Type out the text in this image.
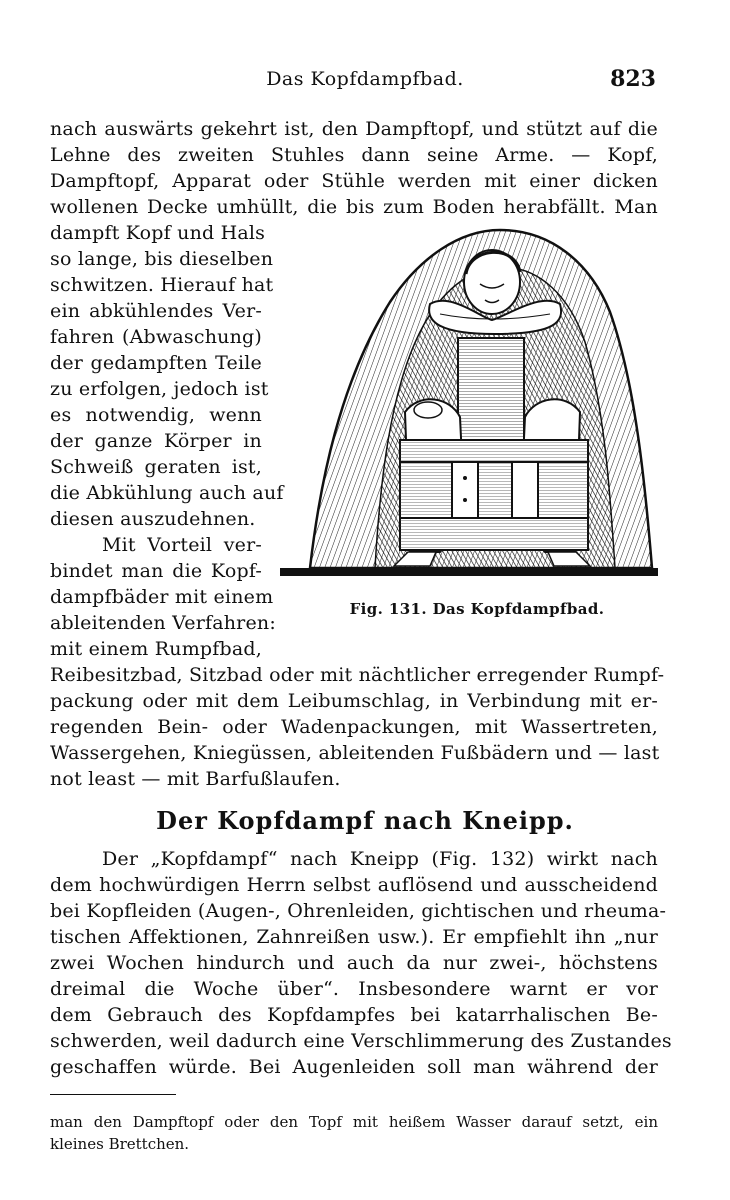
Das Kopfdampfbad.	823
nach auswärts gekehrt ist, den Dampftopf, und stützt auf die
Lehne des zweiten Stuhles dann seine Arme. — Kopf,
Dampftopf, Apparat oder Stühle werden mit einer dicken
wollenen Decke umhüllt, die bis zum Boden herabfällt. Man
dampft Kopf und Hals
so lange, bis dieselben
schwitzen. Hierauf hat
ein abkühlendes Ver-
fahren (Abwaschung)
der gedampften Teile
zu erfolgen, jedoch ist
es notwendig, wenn
der ganze Körper in
Schweiß geraten ist,
die Abkühlung auch auf
diesen auszudehnen.
Mit Vorteil ver-
bindet man die Kopf-
dampfbäder mit einem
ableitenden Verfahren:
mit einem Rumpfbad,
Reibesitzbad, Sitzbad oder mit nächtlicher erregender Rumpf-
packung oder mit dem Leibumschlag, in Verbindung mit er-
regenden Bein- oder Wadenpackungen, mit Wassertreten,
Wassergehen, Kniegüssen, ableitenden Fußbädern und — last
not least — mit Barfußlaufen.
Fig. 131. Das Kopfdampfbad.
Der Kopfdampf nach Kneipp.
Der „Kopfdampf“ nach Kneipp (Fig. 132) wirkt nach
dem hochwürdigen Herrn selbst auflösend und ausscheidend
bei Kopfleiden (Augen-, Ohrenleiden, gichtischen und rheuma-
tischen Affektionen, Zahnreißen usw.). Er empfiehlt ihn „nur
zwei Wochen hindurch und auch da nur zwei-, höchstens
dreimal die Woche über“. Insbesondere warnt er vor
dem Gebrauch des Kopfdampfes bei katarrhalischen Be-
schwerden, weil dadurch eine Verschlimmerung des Zustandes
geschaffen würde. Bei Augenleiden soll man während der
man den Dampftopf oder den Topf mit heißem Wasser darauf setzt, ein
kleines Brettchen.
